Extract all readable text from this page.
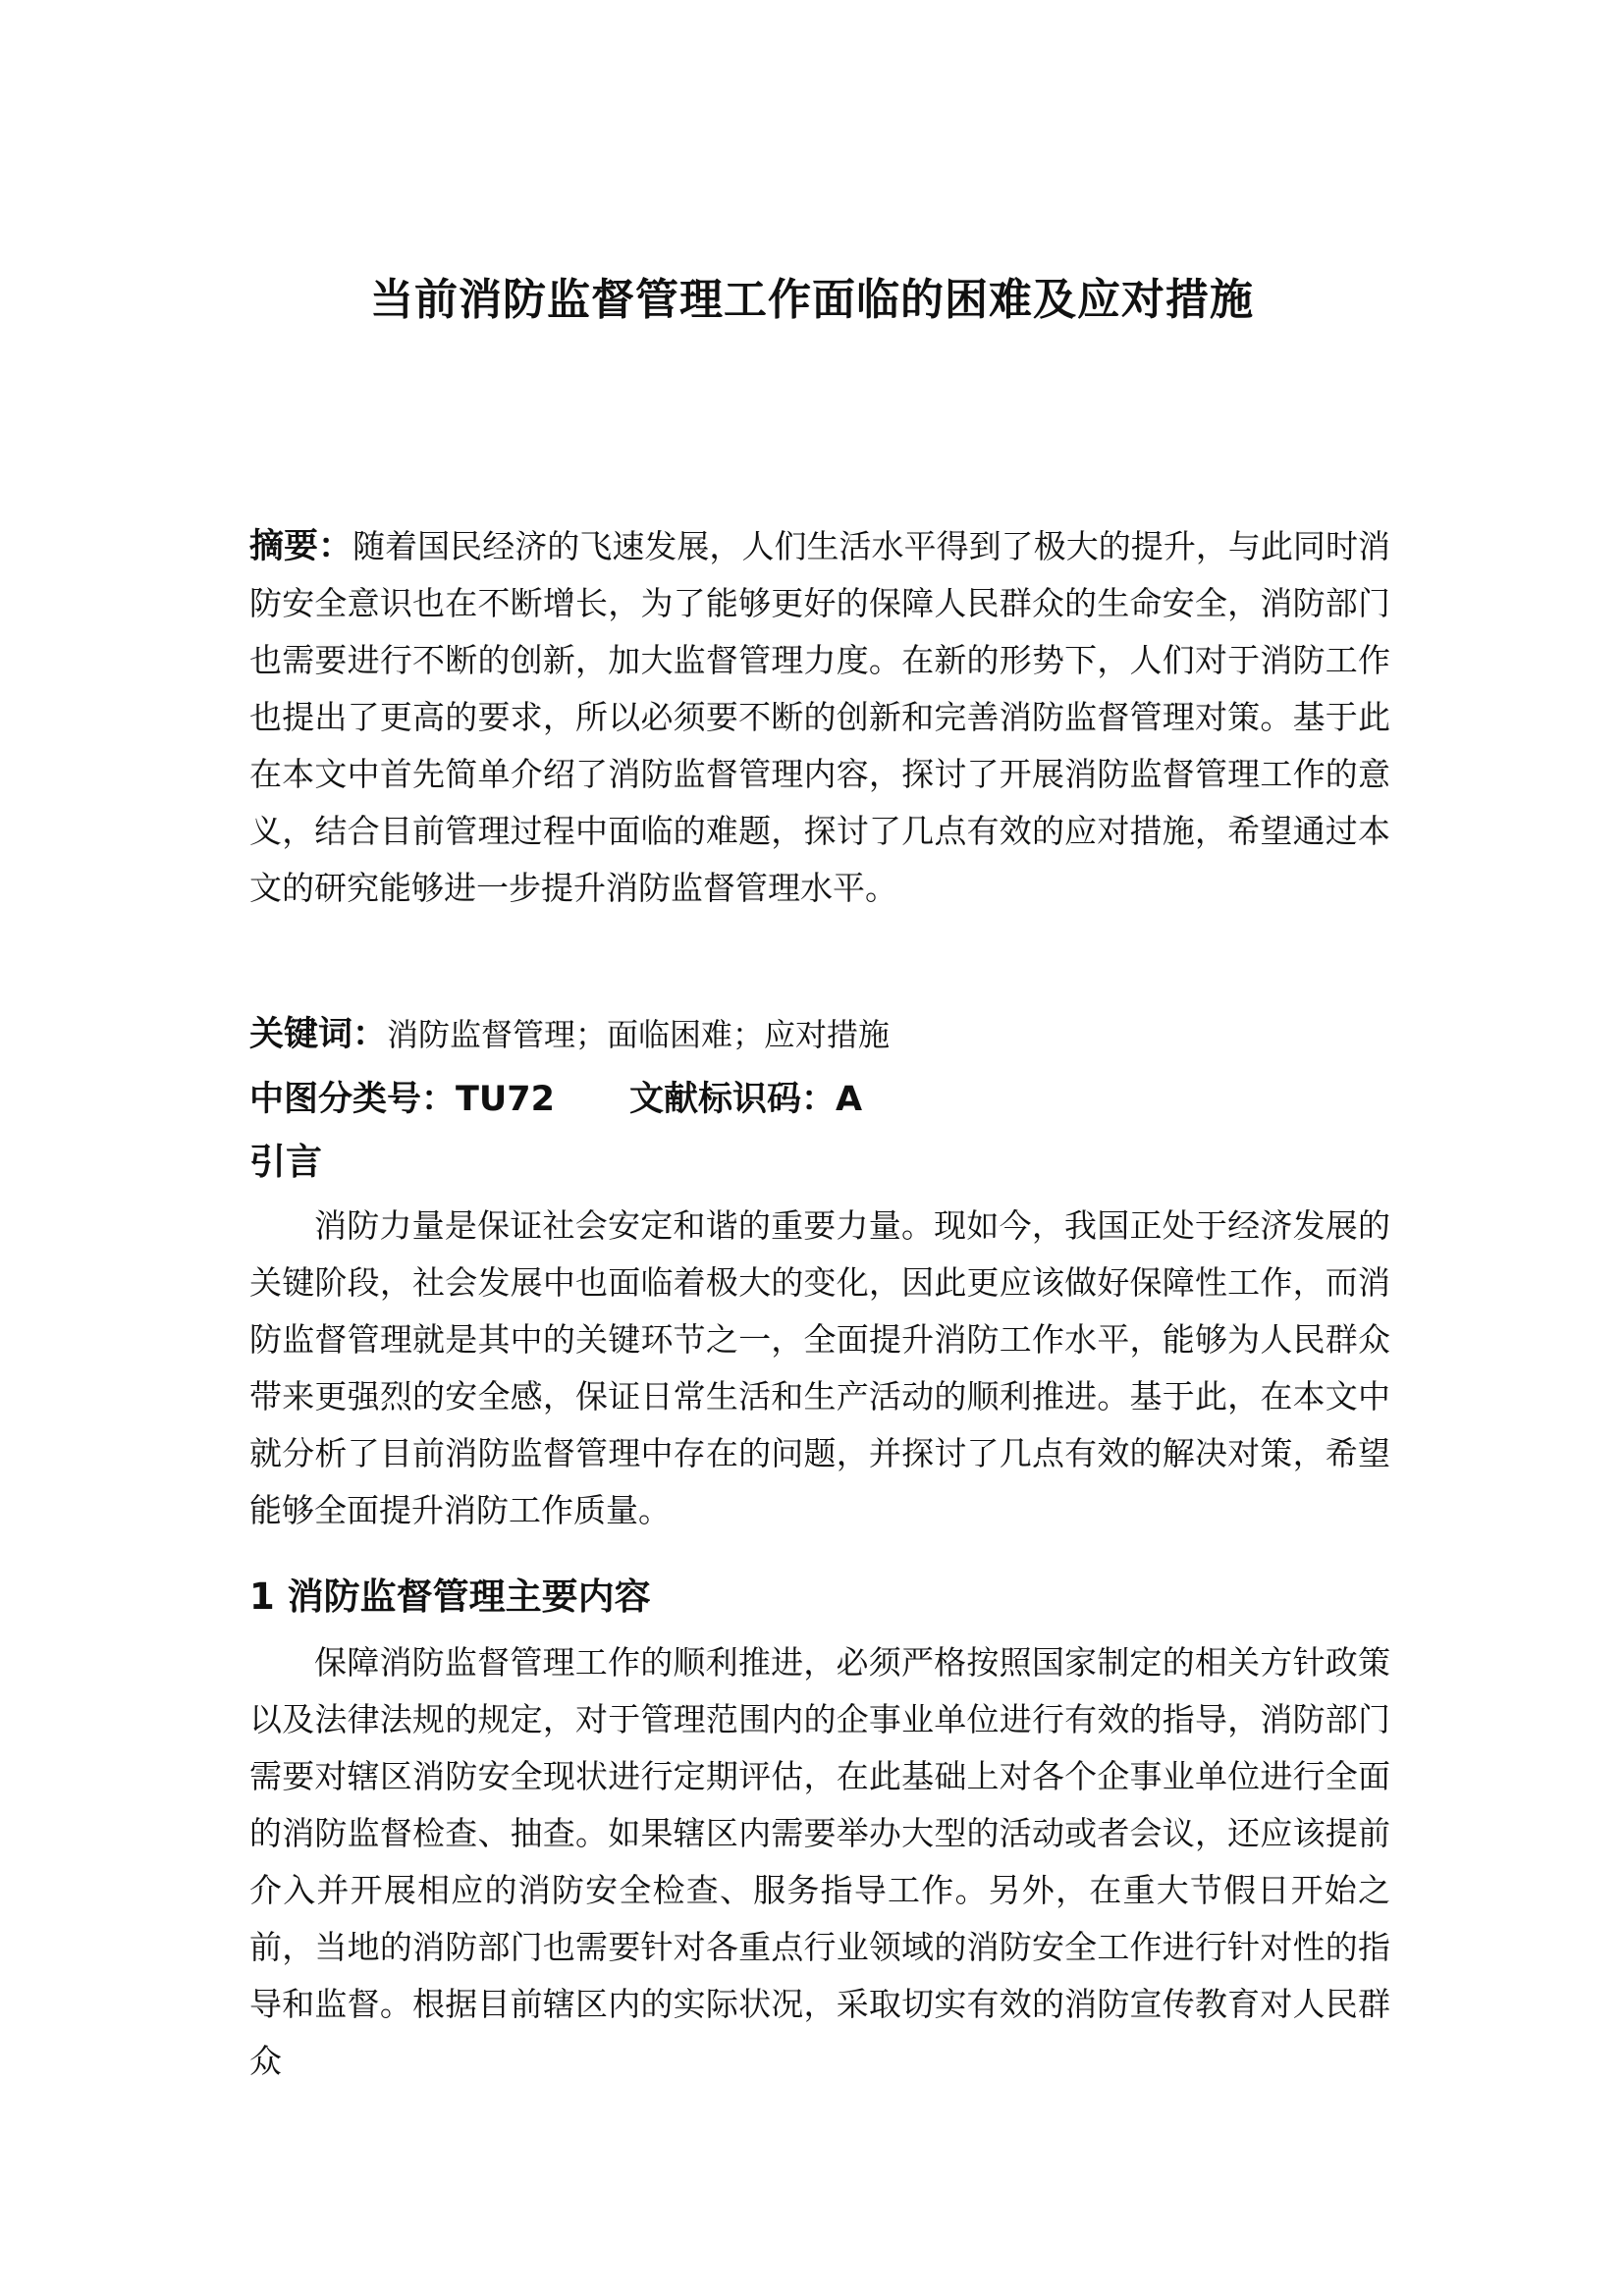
当前消防监督管理工作面临的困难及应对措施
摘要：随着国民经济的飞速发展，人们生活水平得到了极大的提升，与此同时消防安全意识也在不断增长，为了能够更好的保障人民群众的生命安全，消防部门也需要进行不断的创新，加大监督管理力度。在新的形势下，人们对于消防工作也提出了更高的要求，所以必须要不断的创新和完善消防监督管理对策。基于此在本文中首先简单介绍了消防监督管理内容，探讨了开展消防监督管理工作的意义，结合目前管理过程中面临的难题，探讨了几点有效的应对措施，希望通过本文的研究能够进一步提升消防监督管理水平。
关键词：消防监督管理；面临困难；应对措施
中图分类号：TU72 文献标识码：A
引言
消防力量是保证社会安定和谐的重要力量。现如今，我国正处于经济发展的关键阶段，社会发展中也面临着极大的变化，因此更应该做好保障性工作，而消防监督管理就是其中的关键环节之一，全面提升消防工作水平，能够为人民群众带来更强烈的安全感，保证日常生活和生产活动的顺利推进。基于此，在本文中就分析了目前消防监督管理中存在的问题，并探讨了几点有效的解决对策，希望能够全面提升消防工作质量。
1 消防监督管理主要内容
保障消防监督管理工作的顺利推进，必须严格按照国家制定的相关方针政策以及法律法规的规定，对于管理范围内的企事业单位进行有效的指导，消防部门需要对辖区消防安全现状进行定期评估，在此基础上对各个企事业单位进行全面的消防监督检查、抽查。如果辖区内需要举办大型的活动或者会议，还应该提前介入并开展相应的消防安全检查、服务指导工作。另外，在重大节假日开始之前，当地的消防部门也需要针对各重点行业领域的消防安全工作进行针对性的指导和监督。根据目前辖区内的实际状况，采取切实有效的消防宣传教育对人民群众
